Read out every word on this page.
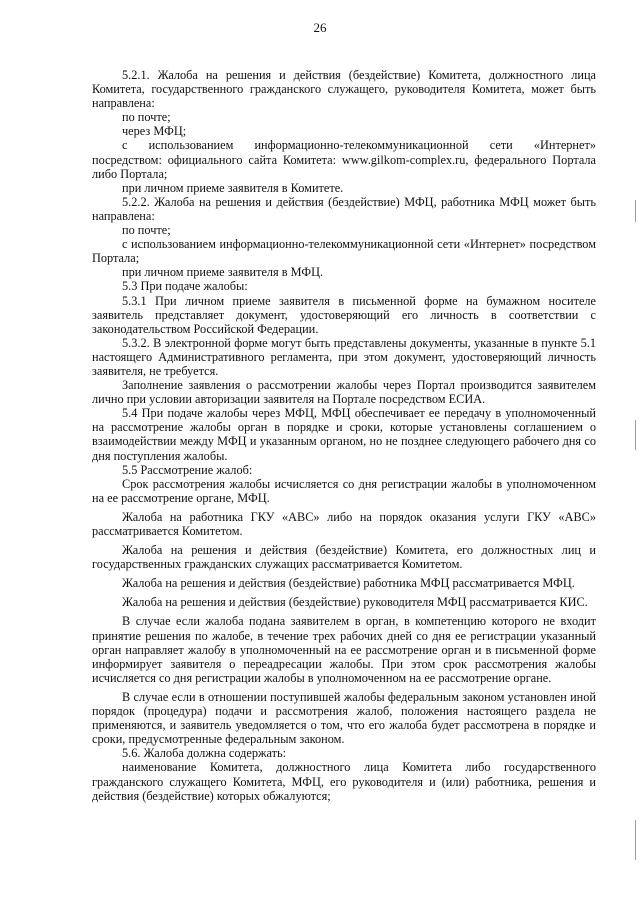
26

5.2.1. Жалоба на решения и действия (бездействие) Комитета, должностного лица Комитета, государственного гражданского служащего, руководителя Комитета, может быть направлена:

по почте;

через МФЦ;

с использованием информационно-телекоммуникационной сети «Интернет» посредством: официального сайта Комитета: www.gilkom-complex.ru, федерального Портала либо Портала;

при личном приеме заявителя в Комитете.

5.2.2. Жалоба на решения и действия (бездействие) МФЦ, работника МФЦ может быть направлена:

по почте;

с использованием информационно-телекоммуникационной сети «Интернет» посредством Портала;

при личном приеме заявителя в МФЦ.

5.3 При подаче жалобы:

5.3.1 При личном приеме заявителя в письменной форме на бумажном носителе заявитель представляет документ, удостоверяющий его личность в соответствии с законодательством Российской Федерации.

5.3.2. В электронной форме могут быть представлены документы, указанные в пункте 5.1 настоящего Административного регламента, при этом документ, удостоверяющий личность заявителя, не требуется.

Заполнение заявления о рассмотрении жалобы через Портал производится заявителем лично при условии авторизации заявителя на Портале посредством ЕСИА.

5.4 При подаче жалобы через МФЦ, МФЦ обеспечивает ее передачу в уполномоченный на рассмотрение жалобы орган в порядке и сроки, которые установлены соглашением о взаимодействии между МФЦ и указанным органом, но не позднее следующего рабочего дня со дня поступления жалобы.

5.5 Рассмотрение жалоб:

Срок рассмотрения жалобы исчисляется со дня регистрации жалобы в уполномоченном на ее рассмотрение органе, МФЦ.

Жалоба на работника ГКУ «АВС» либо на порядок оказания услуги ГКУ «АВС» рассматривается Комитетом.

Жалоба на решения и действия (бездействие) Комитета, его должностных лиц и государственных гражданских служащих рассматривается Комитетом.

Жалоба на решения и действия (бездействие) работника МФЦ рассматривается МФЦ.

Жалоба на решения и действия (бездействие) руководителя МФЦ рассматривается КИС.

В случае если жалоба подана заявителем в орган, в компетенцию которого не входит принятие решения по жалобе, в течение трех рабочих дней со дня ее регистрации указанный орган направляет жалобу в уполномоченный на ее рассмотрение орган и в письменной форме информирует заявителя о переадресации жалобы. При этом срок рассмотрения жалобы исчисляется со дня регистрации жалобы в уполномоченном на ее рассмотрение органе.

В случае если в отношении поступившей жалобы федеральным законом установлен иной порядок (процедура) подачи и рассмотрения жалоб, положения настоящего раздела не применяются, и заявитель уведомляется о том, что его жалоба будет рассмотрена в порядке и сроки, предусмотренные федеральным законом.

5.6. Жалоба должна содержать:

наименование Комитета, должностного лица Комитета либо государственного гражданского служащего Комитета, МФЦ, его руководителя и (или) работника, решения и действия (бездействие) которых обжалуются;
